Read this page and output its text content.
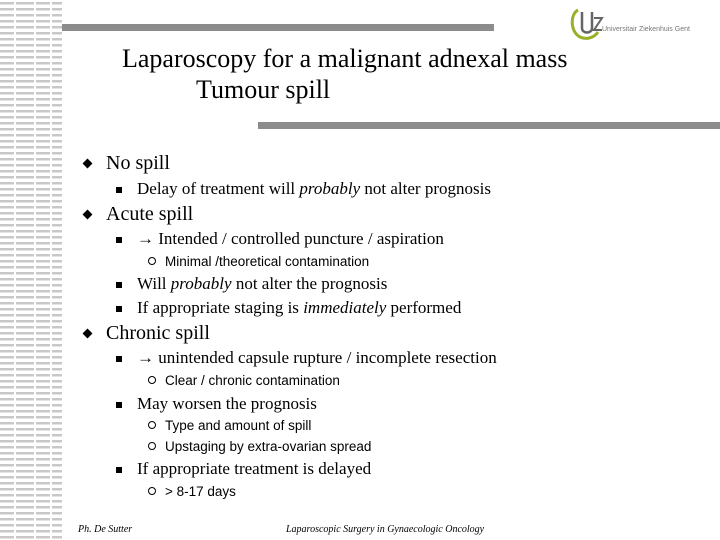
Universitair Ziekenhuis Gent
Laparoscopy for a malignant adnexal mass
Tumour spill
No spill
Delay of treatment will probably not alter prognosis
Acute spill
→ Intended / controlled puncture / aspiration
Minimal /theoretical contamination
Will probably not alter the prognosis
If appropriate staging is immediately performed
Chronic spill
→ unintended capsule rupture / incomplete resection
Clear / chronic contamination
May worsen the prognosis
Type and amount of spill
Upstaging by extra-ovarian spread
If appropriate treatment is delayed
> 8-17 days
Ph. De Sutter	Laparoscopic Surgery in Gynaecologic Oncology
